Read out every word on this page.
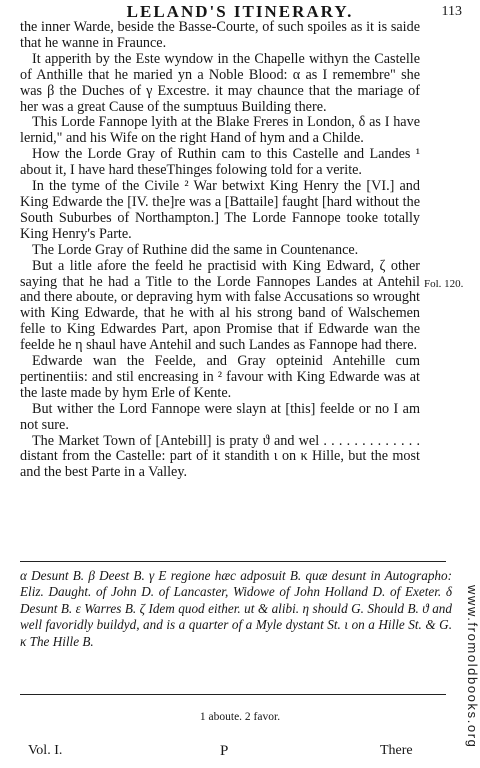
LELAND'S ITINERARY.	113

the inner Warde, beside the Basse-Courte, of such spoiles as it is saide that he wanne in Fraunce.

It apperith by the Este wyndow in the Chapelle withyn the Castelle of Anthille that he maried yn a Noble Blood: α as I remembre" she was β the Duches of γ Excestre. it may chaunce that the mariage of her was a great Cause of the sumptuus Building there.

This Lorde Fannope lyith at the Blake Freres in London, δ as I have lernid," and his Wife on the right Hand of hym and a Childe.

How the Lorde Gray of Ruthin cam to this Castelle and Landes ¹ about it, I have hard theseThinges folowing told for a verite.

In the tyme of the Civile ² War betwixt King Henry the [VI.] and King Edwarde the [IV. the]re was a [Battaile] faught [hard without the South Suburbes of Northampton.] The Lorde Fannope tooke totally King Henry's Parte.

The Lorde Gray of Ruthine did the same in Countenance.

But a litle afore the feeld he practisid with King Edward, ζ other saying that he had a Title to the Lorde Fannopes Landes at Antehil and there aboute, or depraving hym with false Accusations so wrought with King Edwarde, that he with al his strong band of Walschemen felle to King Edwardes Part, apon Promise that if Edwarde wan the feelde he η shaul have Antehil and such Landes as Fannope had there.

Edwarde wan the Feelde, and Gray opteinid Antehille cum pertinentiis: and stil encreasing in ² favour with King Edwarde was at the laste made by hym Erle of Kente.

But wither the Lord Fannope were slayn at [this] feelde or no I am not sure.

The Market Town of [Antebill] is praty ϑ and wel . . . . . . . . . . . . . distant from the Castelle: part of it standith ι on κ Hille, but the most and the best Parte in a Valley.

Fol. 120.

α Desunt B. β Deest B. γ E regione hæc adposuit B. quæ desunt in Autographo: Eliz. Daught. of John D. of Lancaster, Widowe of John Holland D. of Exeter. δ Desunt B. ε Warres B. ζ Idem quod either. ut & alibi. η should G. Should B. ϑ and well favoridly buildyd, and is a quarter of a Myle dystant St. ι on a Hille St. & G. κ The Hille B.

1 aboute. 2 favor.
Vol. I.	P	There
www.fromoldbooks.org
